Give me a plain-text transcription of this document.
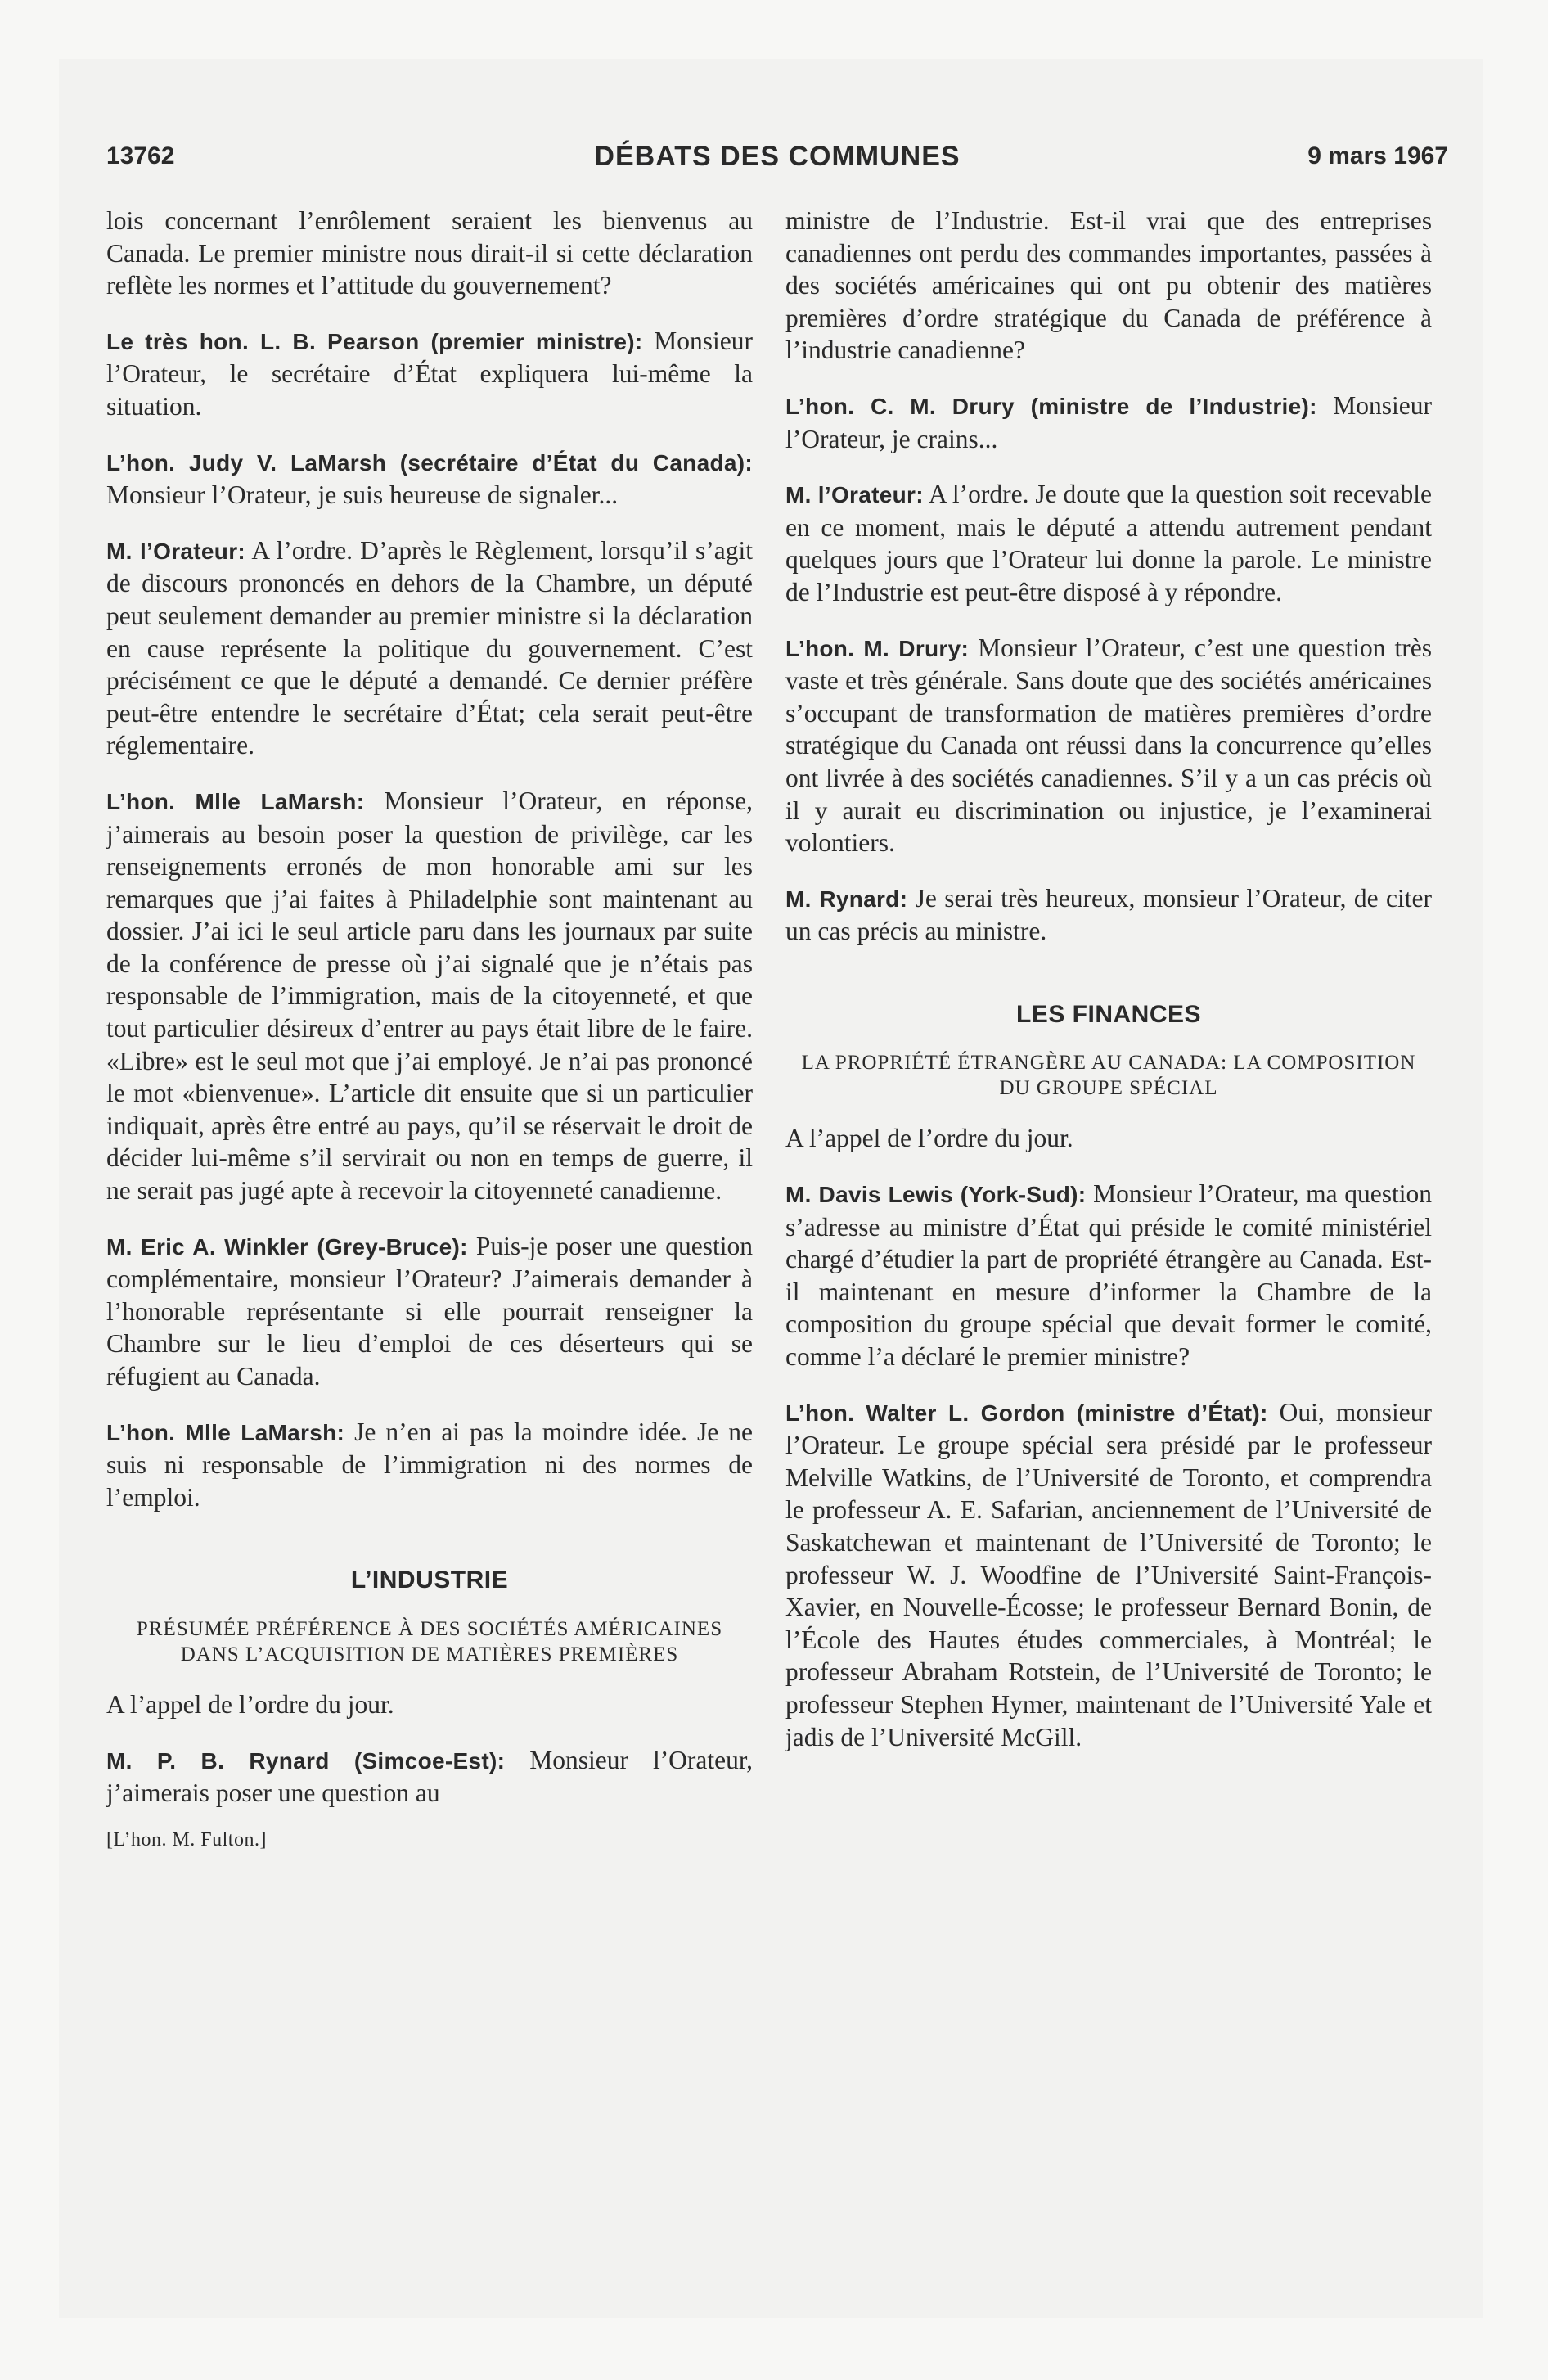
13762	DÉBATS DES COMMUNES	9 mars 1967

lois concernant l’enrôlement seraient les bienvenus au Canada. Le premier ministre nous dirait-il si cette déclaration reflète les normes et l’attitude du gouvernement?

Le très hon. L. B. Pearson (premier ministre): Monsieur l’Orateur, le secrétaire d’État expliquera lui-même la situation.

L’hon. Judy V. LaMarsh (secrétaire d’État du Canada): Monsieur l’Orateur, je suis heureuse de signaler...

M. l’Orateur: A l’ordre. D’après le Règlement, lorsqu’il s’agit de discours prononcés en dehors de la Chambre, un député peut seulement demander au premier ministre si la déclaration en cause représente la politique du gouvernement. C’est précisément ce que le député a demandé. Ce dernier préfère peut-être entendre le secrétaire d’État; cela serait peut-être réglementaire.

L’hon. Mlle LaMarsh: Monsieur l’Orateur, en réponse, j’aimerais au besoin poser la question de privilège, car les renseignements erronés de mon honorable ami sur les remarques que j’ai faites à Philadelphie sont maintenant au dossier. J’ai ici le seul article paru dans les journaux par suite de la conférence de presse où j’ai signalé que je n’étais pas responsable de l’immigration, mais de la citoyenneté, et que tout particulier désireux d’entrer au pays était libre de le faire. «Libre» est le seul mot que j’ai employé. Je n’ai pas prononcé le mot «bienvenue». L’article dit ensuite que si un particulier indiquait, après être entré au pays, qu’il se réservait le droit de décider lui-même s’il servirait ou non en temps de guerre, il ne serait pas jugé apte à recevoir la citoyenneté canadienne.

M. Eric A. Winkler (Grey-Bruce): Puis-je poser une question complémentaire, monsieur l’Orateur? J’aimerais demander à l’honorable représentante si elle pourrait renseigner la Chambre sur le lieu d’emploi de ces déserteurs qui se réfugient au Canada.

L’hon. Mlle LaMarsh: Je n’en ai pas la moindre idée. Je ne suis ni responsable de l’immigration ni des normes de l’emploi.

L’INDUSTRIE
PRÉSUMÉE PRÉFÉRENCE À DES SOCIÉTÉS AMÉRICAINES DANS L’ACQUISITION DE MATIÈRES PREMIÈRES

A l’appel de l’ordre du jour.

M. P. B. Rynard (Simcoe-Est): Monsieur l’Orateur, j’aimerais poser une question au

[L’hon. M. Fulton.]

ministre de l’Industrie. Est-il vrai que des entreprises canadiennes ont perdu des commandes importantes, passées à des sociétés américaines qui ont pu obtenir des matières premières d’ordre stratégique du Canada de préférence à l’industrie canadienne?

L’hon. C. M. Drury (ministre de l’Industrie): Monsieur l’Orateur, je crains...

M. l’Orateur: A l’ordre. Je doute que la question soit recevable en ce moment, mais le député a attendu autrement pendant quelques jours que l’Orateur lui donne la parole. Le ministre de l’Industrie est peut-être disposé à y répondre.

L’hon. M. Drury: Monsieur l’Orateur, c’est une question très vaste et très générale. Sans doute que des sociétés américaines s’occupant de transformation de matières premières d’ordre stratégique du Canada ont réussi dans la concurrence qu’elles ont livrée à des sociétés canadiennes. S’il y a un cas précis où il y aurait eu discrimination ou injustice, je l’examinerai volontiers.

M. Rynard: Je serai très heureux, monsieur l’Orateur, de citer un cas précis au ministre.

LES FINANCES
LA PROPRIÉTÉ ÉTRANGÈRE AU CANADA: LA COMPOSITION DU GROUPE SPÉCIAL

A l’appel de l’ordre du jour.

M. Davis Lewis (York-Sud): Monsieur l’Orateur, ma question s’adresse au ministre d’État qui préside le comité ministériel chargé d’étudier la part de propriété étrangère au Canada. Est-il maintenant en mesure d’informer la Chambre de la composition du groupe spécial que devait former le comité, comme l’a déclaré le premier ministre?

L’hon. Walter L. Gordon (ministre d’État): Oui, monsieur l’Orateur. Le groupe spécial sera présidé par le professeur Melville Watkins, de l’Université de Toronto, et comprendra le professeur A. E. Safarian, anciennement de l’Université de Saskatchewan et maintenant de l’Université de Toronto; le professeur W. J. Woodfine de l’Université Saint-François-Xavier, en Nouvelle-Écosse; le professeur Bernard Bonin, de l’École des Hautes études commerciales, à Montréal; le professeur Abraham Rotstein, de l’Université de Toronto; le professeur Stephen Hymer, maintenant de l’Université Yale et jadis de l’Université McGill.
